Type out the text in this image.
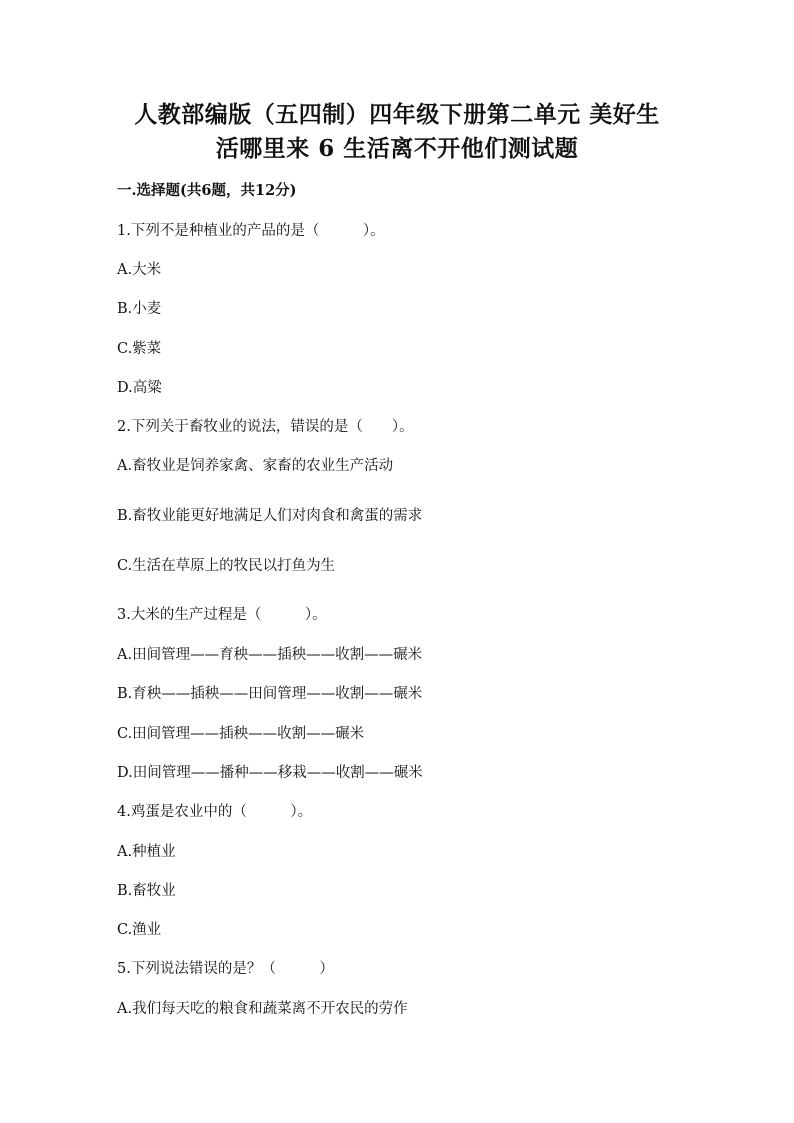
人教部编版（五四制）四年级下册第二单元 美好生
活哪里来 6 生活离不开他们测试题
一.选择题(共6题，共12分)
1.下列不是种植业的产品的是（　　　）。
A.大米
B.小麦
C.紫菜
D.高粱
2.下列关于畜牧业的说法，错误的是（　　）。
A.畜牧业是饲养家禽、家畜的农业生产活动
B.畜牧业能更好地满足人们对肉食和禽蛋的需求
C.生活在草原上的牧民以打鱼为生
3.大米的生产过程是（　　　）。
A.田间管理——育秧——插秧——收割——碾米
B.育秧——插秧——田间管理——收割——碾米
C.田间管理——插秧——收割——碾米
D.田间管理——播种——移栽——收割——碾米
4.鸡蛋是农业中的（　　　）。
A.种植业
B.畜牧业
C.渔业
5.下列说法错误的是？（　　　）
A.我们每天吃的粮食和蔬菜离不开农民的劳作
